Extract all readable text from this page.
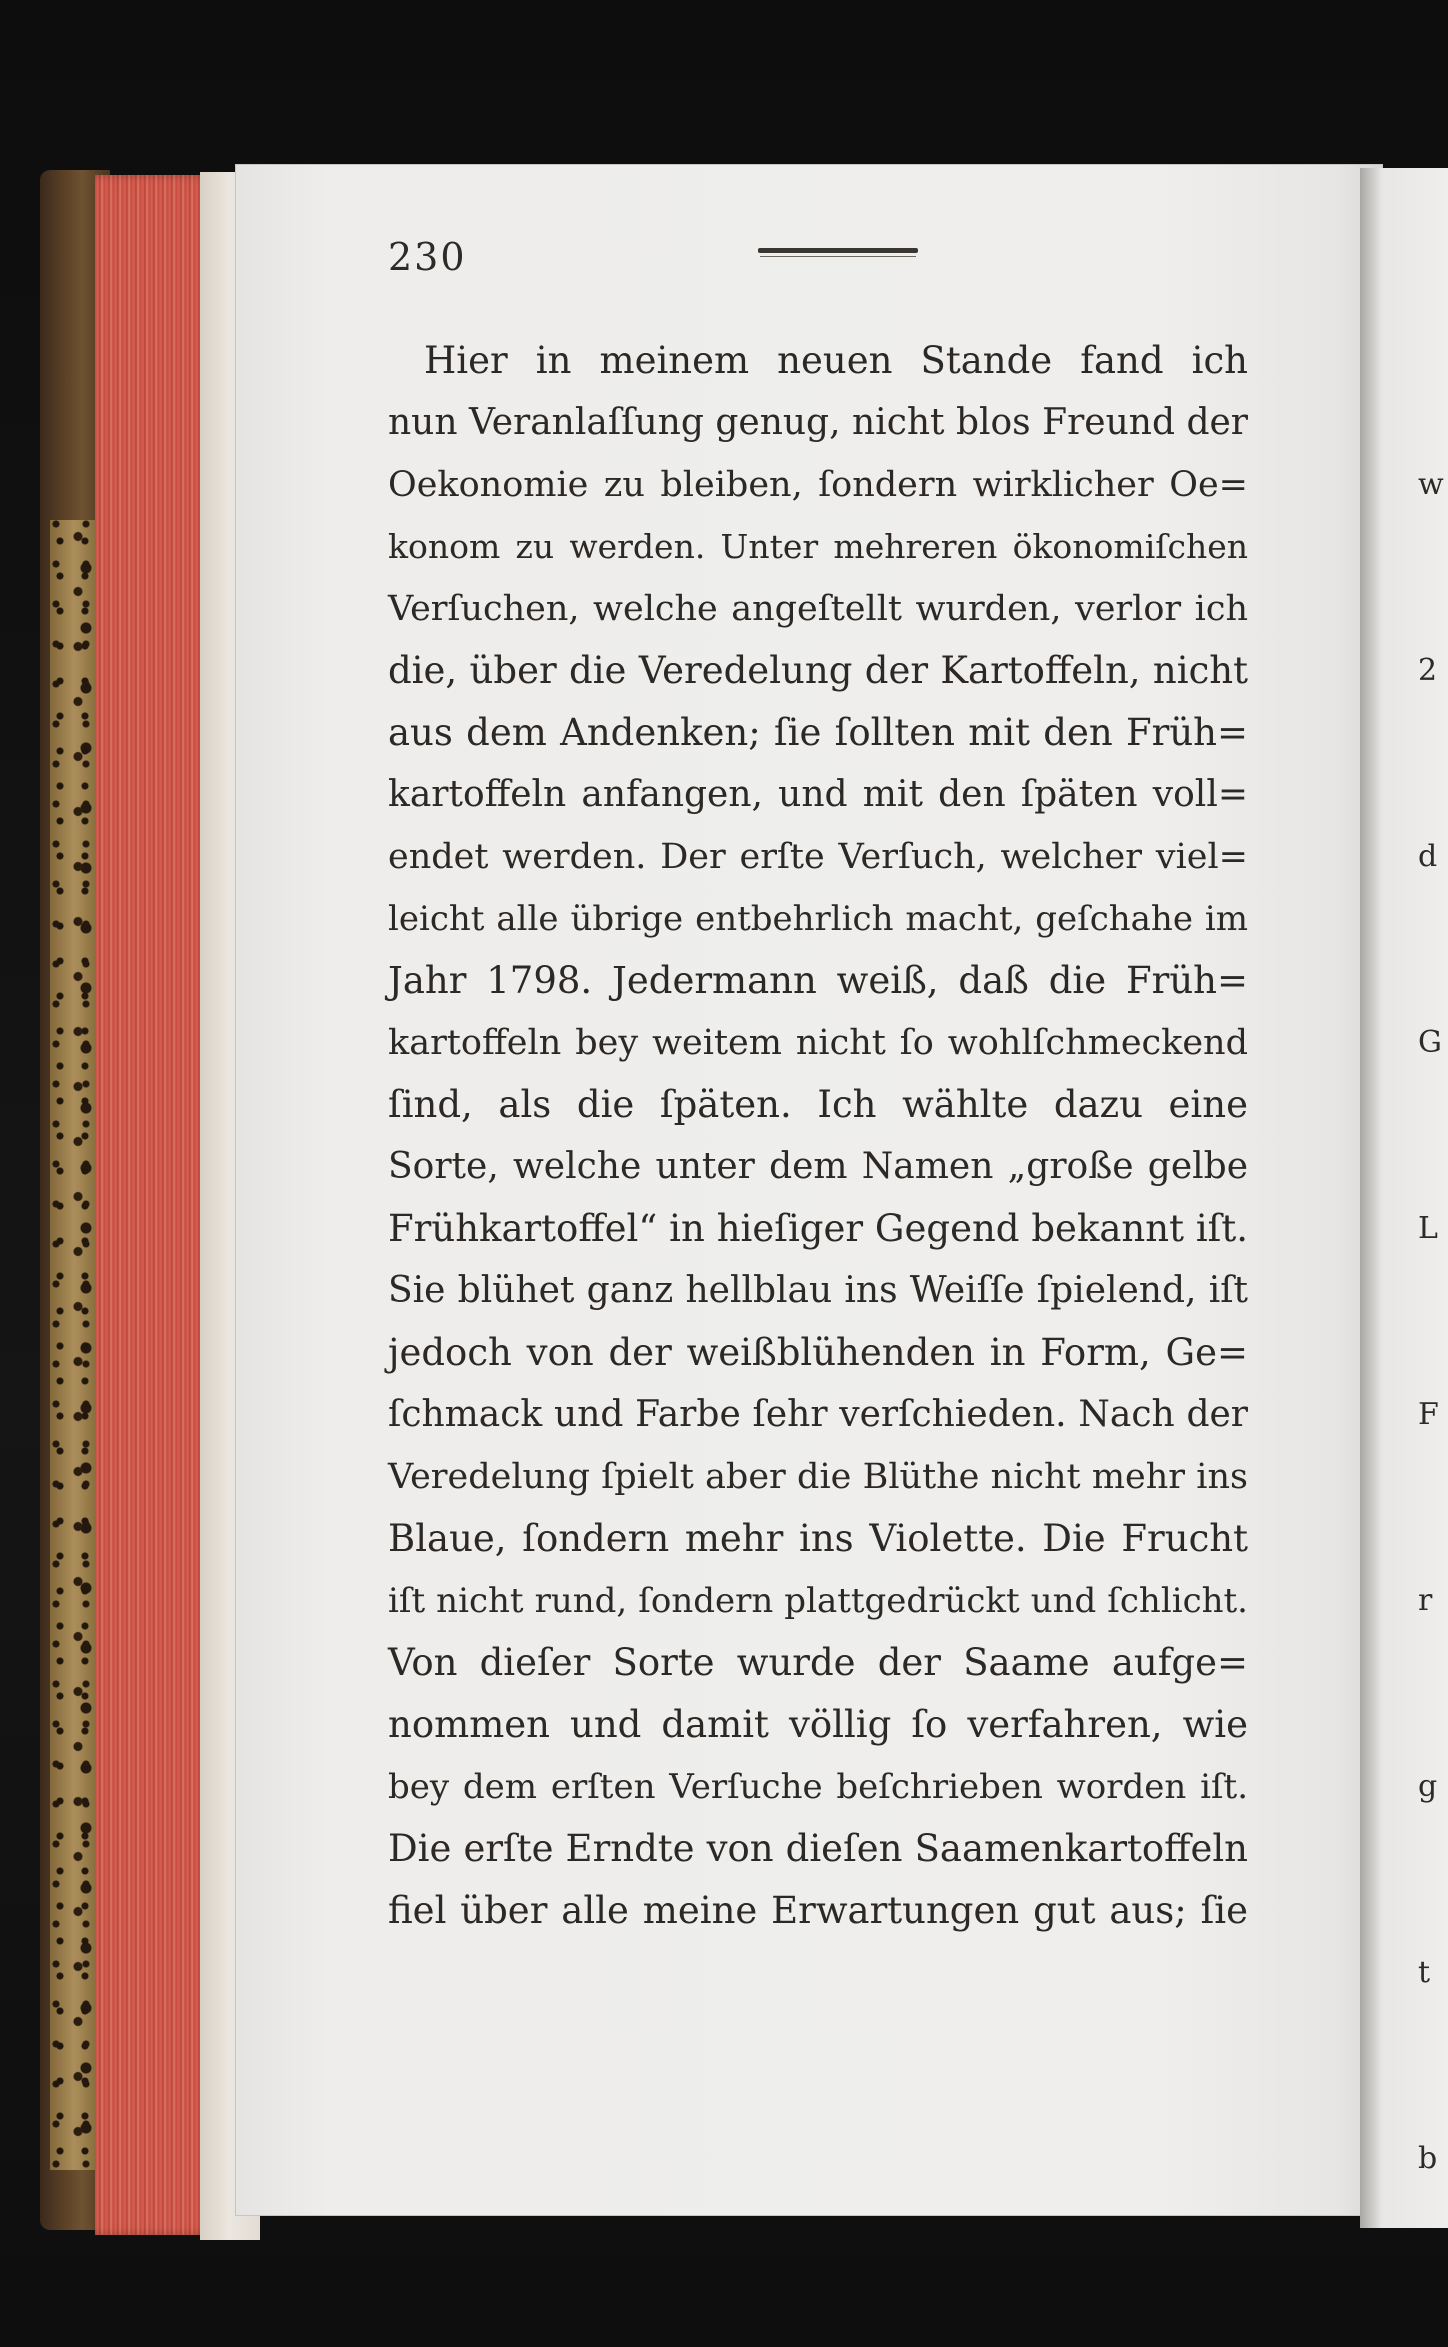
w

2

d

G

L

F

r

g

t

b

230
Hier in meinem neuen Stande fand ich
nun Veranlaſſung genug, nicht blos Freund der
Oekonomie zu bleiben, ſondern wirklicher Oe=
konom zu werden. Unter mehreren ökonomiſchen
Verſuchen, welche angeſtellt wurden, verlor ich
die, über die Veredelung der Kartoffeln, nicht
aus dem Andenken; ſie ſollten mit den Früh=
kartoffeln anfangen, und mit den ſpäten voll=
endet werden. Der erſte Verſuch, welcher viel=
leicht alle übrige entbehrlich macht, geſchahe im
Jahr 1798. Jedermann weiß, daß die Früh=
kartoffeln bey weitem nicht ſo wohlſchmeckend
ſind, als die ſpäten. Ich wählte dazu eine
Sorte, welche unter dem Namen „große gelbe
Frühkartoffel“ in hieſiger Gegend bekannt iſt.
Sie blühet ganz hellblau ins Weiſſe ſpielend, iſt
jedoch von der weißblühenden in Form, Ge=
ſchmack und Farbe ſehr verſchieden. Nach der
Veredelung ſpielt aber die Blüthe nicht mehr ins
Blaue, ſondern mehr ins Violette. Die Frucht
iſt nicht rund, ſondern plattgedrückt und ſchlicht.
Von dieſer Sorte wurde der Saame aufge=
nommen und damit völlig ſo verfahren, wie
bey dem erſten Verſuche beſchrieben worden iſt.
Die erſte Erndte von dieſen Saamenkartoffeln
fiel über alle meine Erwartungen gut aus; ſie
